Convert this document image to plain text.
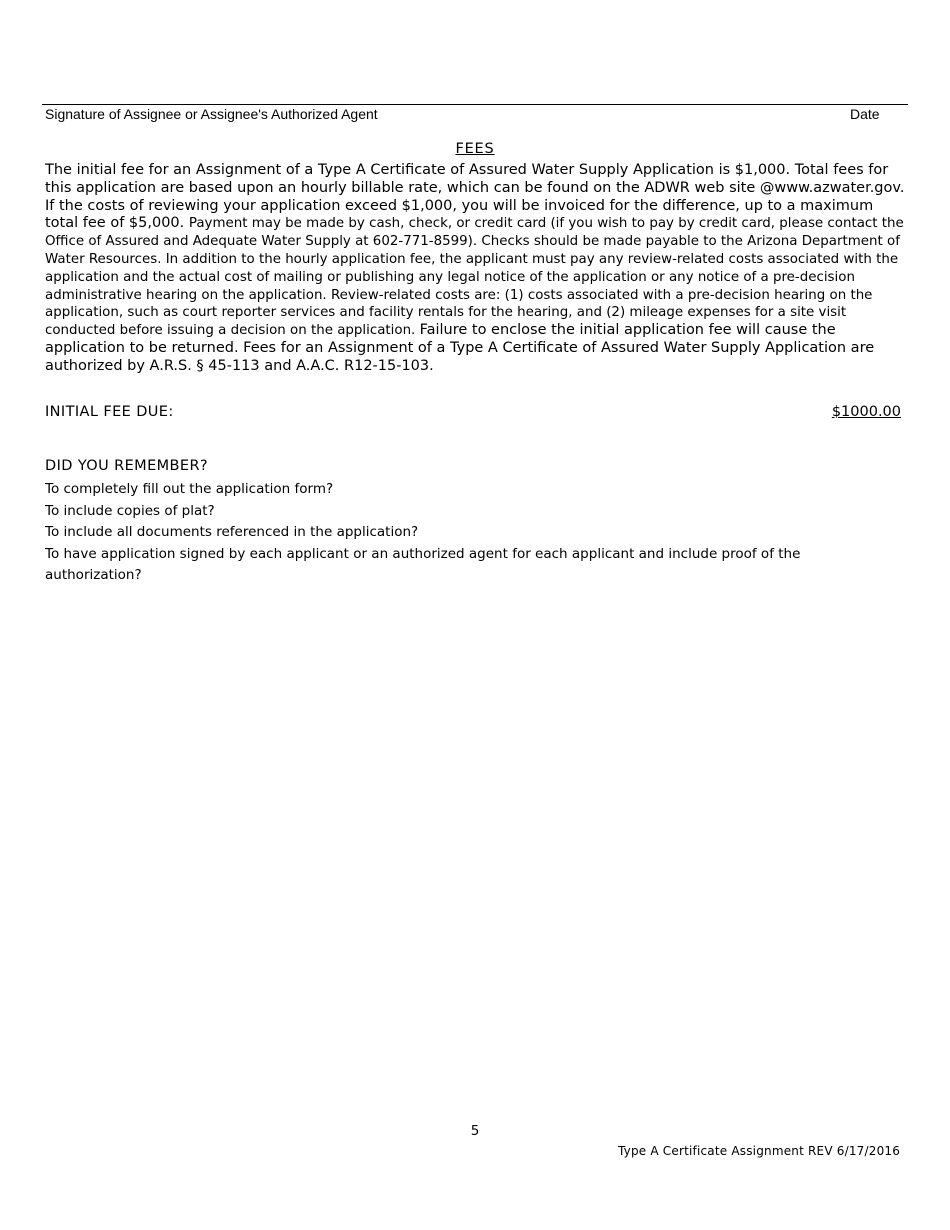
Signature of Assignee or Assignee's Authorized Agent	Date
FEES
The initial fee for an Assignment of a Type A Certificate of Assured Water Supply Application is $1,000. Total fees for this application are based upon an hourly billable rate, which can be found on the ADWR web site @www.azwater.gov. If the costs of reviewing your application exceed $1,000, you will be invoiced for the difference, up to a maximum total fee of $5,000. Payment may be made by cash, check, or credit card (if you wish to pay by credit card, please contact the Office of Assured and Adequate Water Supply at 602-771-8599). Checks should be made payable to the Arizona Department of Water Resources. In addition to the hourly application fee, the applicant must pay any review-related costs associated with the application and the actual cost of mailing or publishing any legal notice of the application or any notice of a pre-decision administrative hearing on the application. Review-related costs are: (1) costs associated with a pre-decision hearing on the application, such as court reporter services and facility rentals for the hearing, and (2) mileage expenses for a site visit conducted before issuing a decision on the application. Failure to enclose the initial application fee will cause the application to be returned. Fees for an Assignment of a Type A Certificate of Assured Water Supply Application are authorized by A.R.S. § 45-113 and A.A.C. R12-15-103.
INITIAL FEE DUE:	$1000.00
DID YOU REMEMBER?
To completely fill out the application form?
To include copies of plat?
To include all documents referenced in the application?
To have application signed by each applicant or an authorized agent for each applicant and include proof of the authorization?
5
Type A Certificate Assignment REV 6/17/2016
